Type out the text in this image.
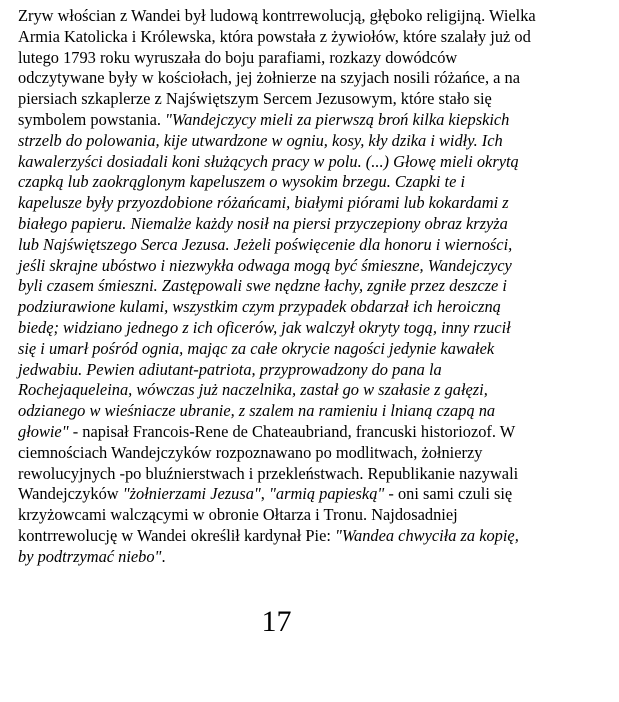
Zryw włościan z Wandei był ludową kontrrewolucją, głęboko religijną. Wielka
Armia Katolicka i Królewska, która powstała z żywiołów, które szalały już od
lutego 1793 roku wyruszała do boju parafiami, rozkazy dowódców
odczytywane były w kościołach, jej żołnierze na szyjach nosili różańce, a na
piersiach szkaplerze z Najświętszym Sercem Jezusowym, które stało się
symbolem powstania. "Wandejczycy mieli za pierwszą broń kilka kiepskich
strzelb do polowania, kije utwardzone w ogniu, kosy, kły dzika i widły. Ich
kawalerzyści dosiadali koni służących pracy w polu. (...) Głowę mieli okrytą
czapką lub zaokrąglonym kapeluszem o wysokim brzegu. Czapki te i
kapelusze były przyozdobione różańcami, białymi piórami lub kokardami z
białego papieru. Niemalże każdy nosił na piersi przyczepiony obraz krzyża
lub Najświętszego Serca Jezusa. Jeżeli poświęcenie dla honoru i wierności,
jeśli skrajne ubóstwo i niezwykła odwaga mogą być śmieszne, Wandejczycy
byli czasem śmieszni. Zastępowali swe nędzne łachy, zgniłe przez deszcze i
podziurawione kulami, wszystkim czym przypadek obdarzał ich heroiczną
biedę; widziano jednego z ich oficerów, jak walczył okryty togą, inny rzucił
się i umarł pośród ognia, mając za całe okrycie nagości jedynie kawałek
jedwabiu. Pewien adiutant-patriota, przyprowadzony do pana la
Rochejaqueleina, wówczas już naczelnika, zastał go w szałasie z gałęzi,
odzianego w wieśniacze ubranie, z szalem na ramieniu i lnianą czapą na
głowie" - napisał Francois-Rene de Chateaubriand, francuski historiozof. W
ciemnościach Wandejczyków rozpoznawano po modlitwach, żołnierzy
rewolucyjnych -po bluźnierstwach i przekleństwach. Republikanie nazywali
Wandejczyków "żołnierzami Jezusa", "armią papieską" - oni sami czuli się
krzyżowcami walczącymi w obronie Ołtarza i Tronu. Najdosadniej
kontrrewolucję w Wandei określił kardynał Pie: "Wandea chwyciła za kopię,
by podtrzymać niebo".
17
